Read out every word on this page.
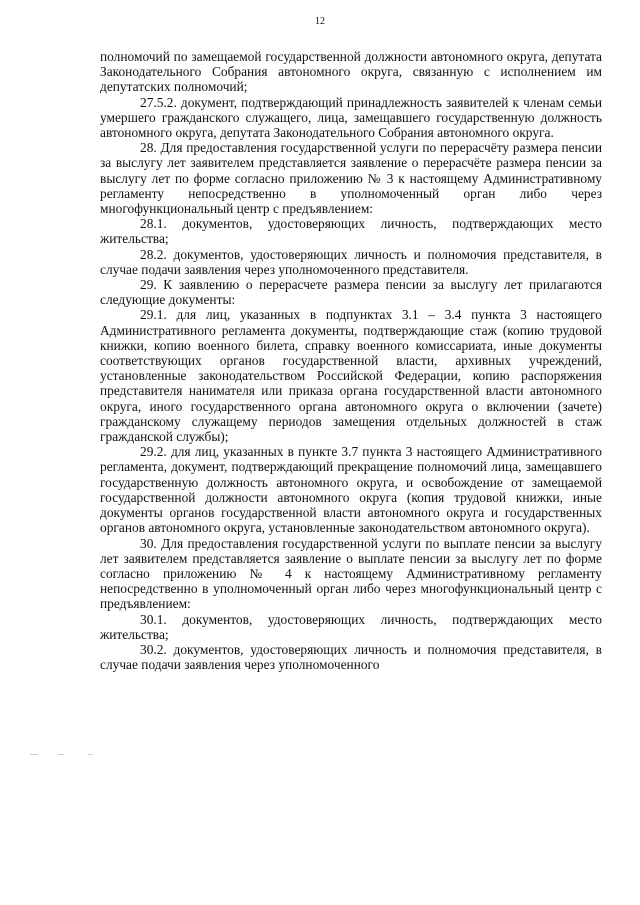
12

полномочий по замещаемой государственной должности автономного округа, депутата Законодательного Собрания автономного округа, связанную с исполнением им депутатских полномочий;

27.5.2. документ, подтверждающий принадлежность заявителей к членам семьи умершего гражданского служащего, лица, замещавшего государственную должность автономного округа, депутата Законодательного Собрания автономного округа.

28. Для предоставления государственной услуги по перерасчёту размера пенсии за выслугу лет заявителем представляется заявление о перерасчёте размера пенсии за выслугу лет по форме согласно приложению № 3 к настоящему Административному регламенту непосредственно в уполномоченный орган либо через многофункциональный центр с предъявлением:

28.1. документов, удостоверяющих личность, подтверждающих место жительства;

28.2. документов, удостоверяющих личность и полномочия представителя, в случае подачи заявления через уполномоченного представителя.

29. К заявлению о перерасчете размера пенсии за выслугу лет прилагаются следующие документы:

29.1. для лиц, указанных в подпунктах 3.1 – 3.4 пункта 3 настоящего Административного регламента документы, подтверждающие стаж (копию трудовой книжки, копию военного билета, справку военного комиссариата, иные документы соответствующих органов государственной власти, архивных учреждений, установленные законодательством Российской Федерации, копию распоряжения представителя нанимателя или приказа органа государственной власти автономного округа, иного государственного органа автономного округа о включении (зачете) гражданскому служащему периодов замещения отдельных должностей в стаж гражданской службы);

29.2. для лиц, указанных в пункте 3.7 пункта 3 настоящего Административного регламента, документ, подтверждающий прекращение полномочий лица, замещавшего государственную должность автономного округа, и освобождение от замещаемой государственной должности автономного округа (копия трудовой книжки, иные документы органов государственной власти автономного округа и государственных органов автономного округа, установленные законодательством автономного округа).

30. Для предоставления государственной услуги по выплате пенсии за выслугу лет заявителем представляется заявление о выплате пенсии за выслугу лет по форме согласно приложению № 4 к настоящему Административному регламенту непосредственно в уполномоченный орган либо через многофункциональный центр с предъявлением:

30.1. документов, удостоверяющих личность, подтверждающих место жительства;

30.2. документов, удостоверяющих личность и полномочия представителя, в случае подачи заявления через уполномоченного
